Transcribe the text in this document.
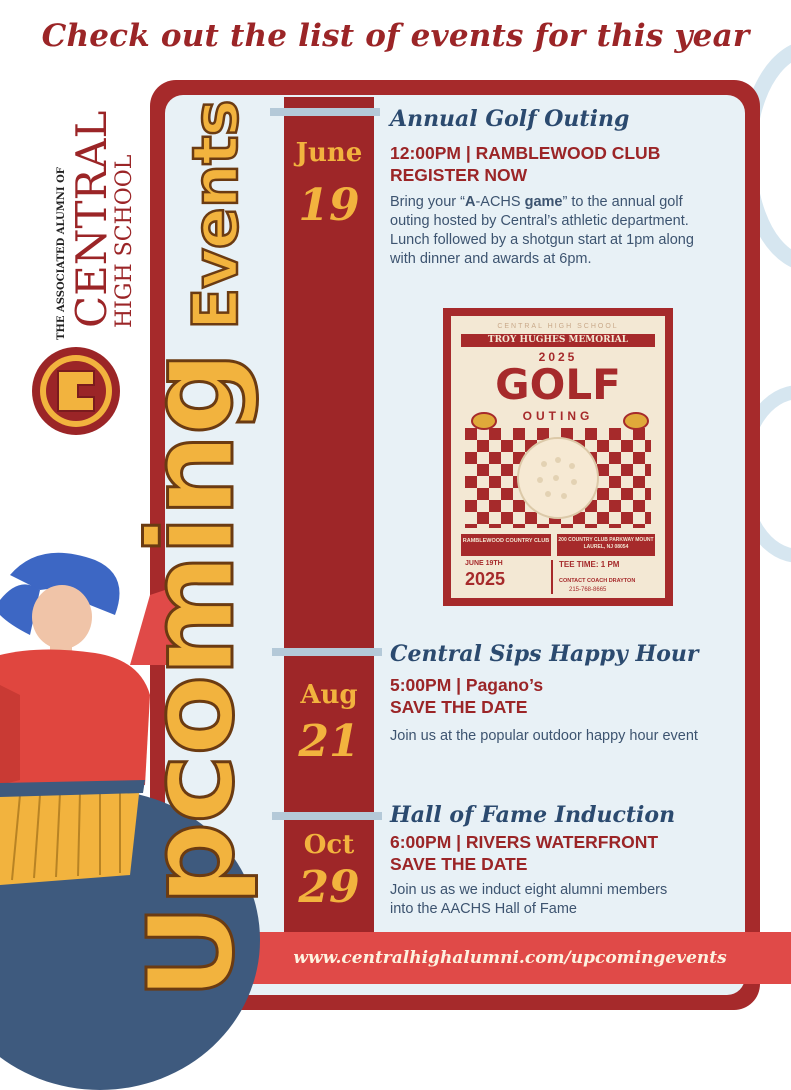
Check out the list of events for this year
June
19
Aug
21
Oct
29
Annual Golf Outing
12:00PM | RAMBLEWOOD CLUB
REGISTER NOW
Bring your “A-ACHS game” to the annual golf outing hosted by Central’s athletic department. Lunch followed by a shotgun start at 1pm along with dinner and awards at 6pm.
CENTRAL HIGH SCHOOL
TROY HUGHES MEMORIAL
2025
GOLF
OUTING
RAMBLEWOOD COUNTRY CLUB	200 COUNTRY CLUB PARKWAY MOUNT LAUREL, NJ 08054
JUNE 19TH
2025
TEE TIME: 1 PM
CONTACT COACH DRAYTON
215-768-8665
Central Sips Happy Hour
5:00PM | Pagano’s
SAVE THE DATE
Join us at the popular outdoor happy hour event
Hall of Fame Induction
6:00PM | RIVERS WATERFRONT
SAVE THE DATE
Join us as we induct eight alumni members into the AACHS Hall of Fame
www.centralhighalumni.com/upcomingevents
THE ASSOCIATED ALUMNI OF CENTRAL
HIGH SCHOOL
Upcoming
Events
